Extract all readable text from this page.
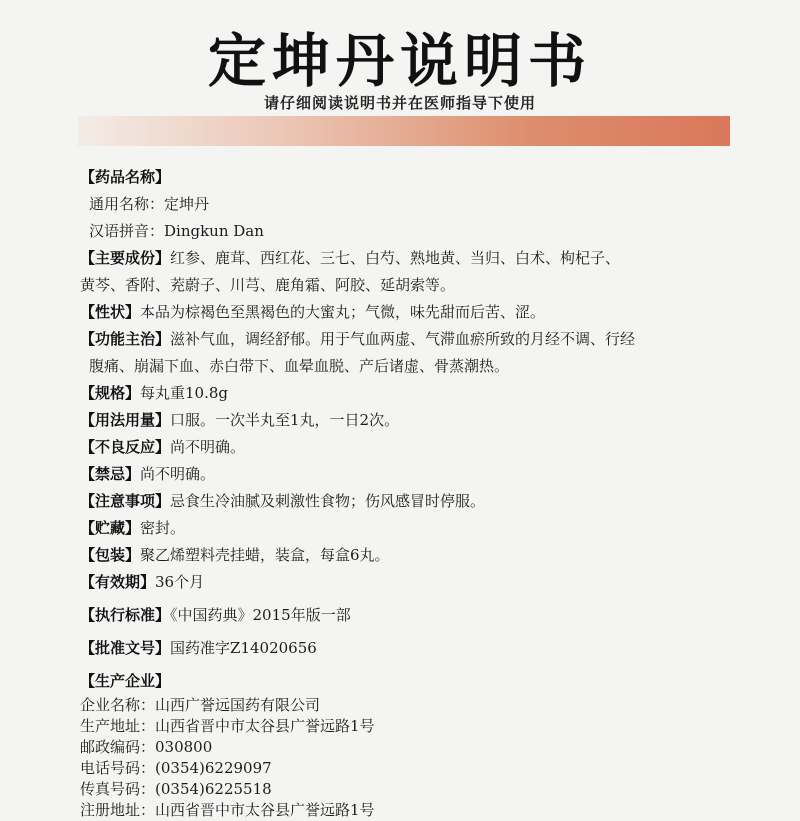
定坤丹说明书
请仔细阅读说明书并在医师指导下使用
【药品名称】
通用名称：定坤丹
汉语拼音：Dingkun Dan
【主要成份】红参、鹿茸、西红花、三七、白芍、熟地黄、当归、白术、枸杞子、
黄芩、香附、茺蔚子、川芎、鹿角霜、阿胶、延胡索等。
【性状】本品为棕褐色至黑褐色的大蜜丸；气微，味先甜而后苦、涩。
【功能主治】滋补气血，调经舒郁。用于气血两虚、气滞血瘀所致的月经不调、行经
腹痛、崩漏下血、赤白带下、血晕血脱、产后诸虚、骨蒸潮热。
【规格】每丸重10.8g
【用法用量】口服。一次半丸至1丸，一日2次。
【不良反应】尚不明确。
【禁忌】尚不明确。
【注意事项】忌食生冷油腻及刺激性食物；伤风感冒时停服。
【贮藏】密封。
【包装】聚乙烯塑料壳挂蜡，装盒，每盒6丸。
【有效期】36个月
【执行标准】《中国药典》2015年版一部
【批准文号】国药准字Z14020656
【生产企业】
企业名称：山西广誉远国药有限公司
生产地址：山西省晋中市太谷县广誉远路1号
邮政编码：030800
电话号码：(0354)6229097
传真号码：(0354)6225518
注册地址：山西省晋中市太谷县广誉远路1号
